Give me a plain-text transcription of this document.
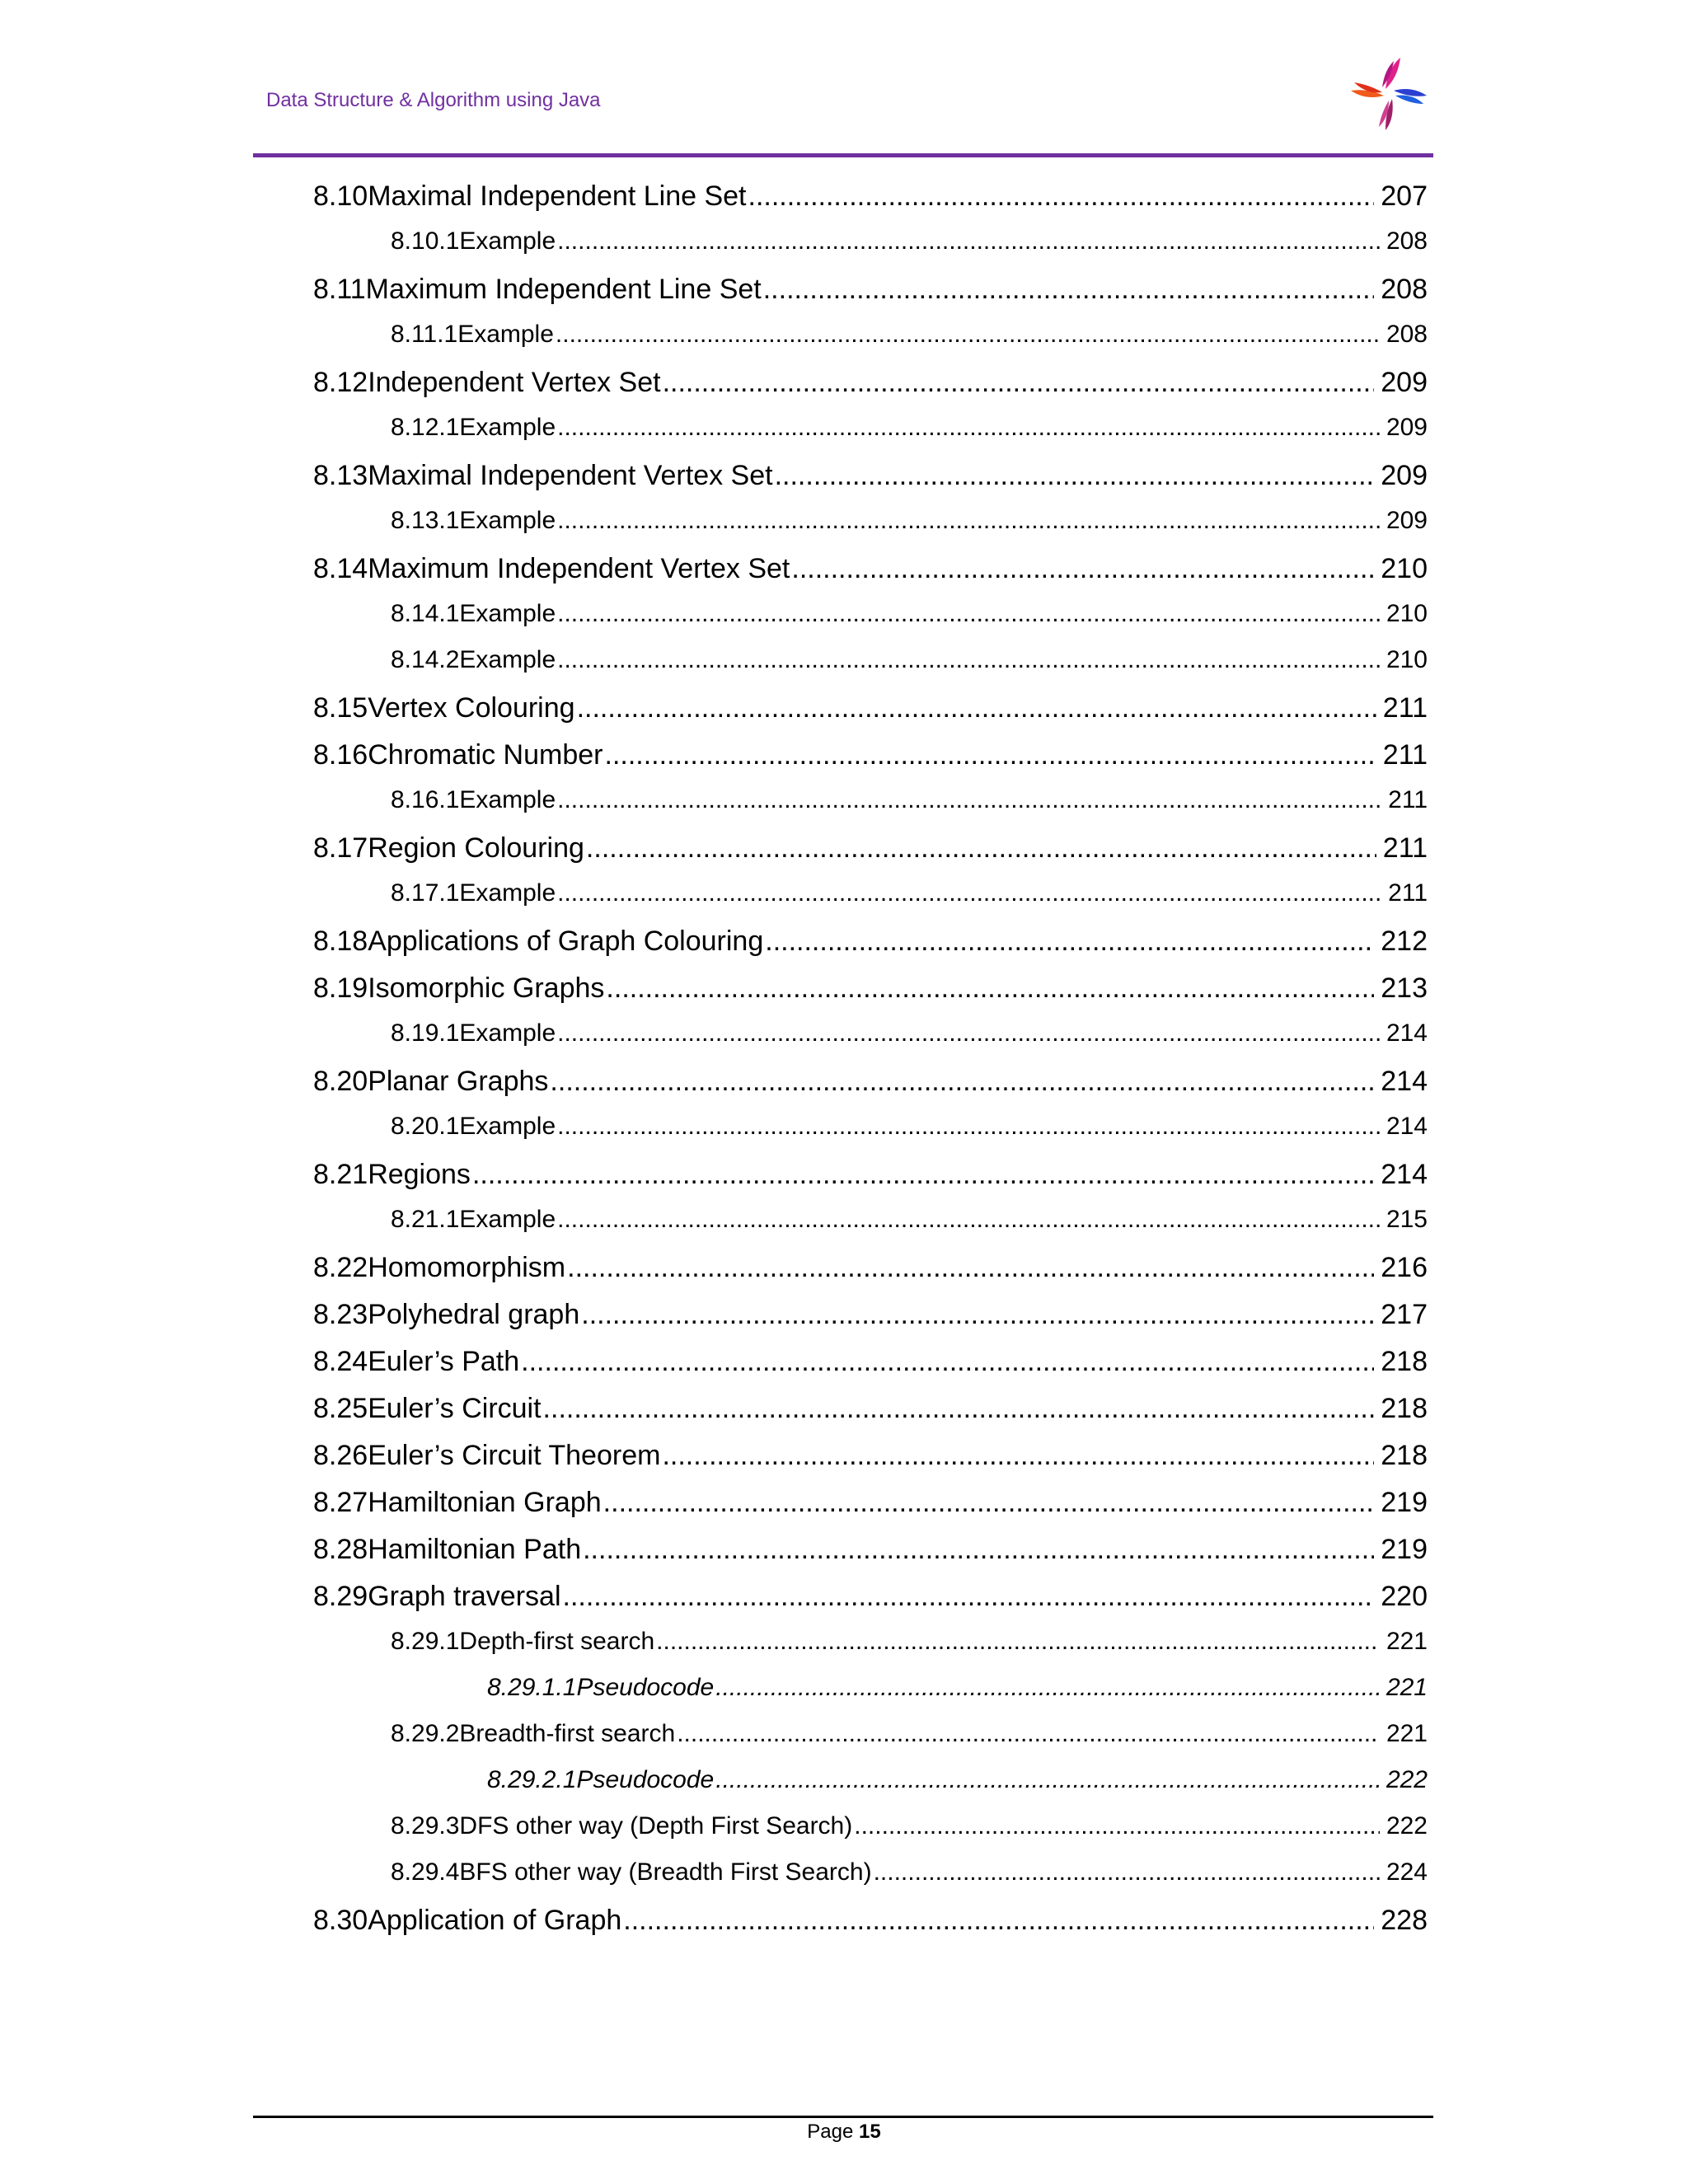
Data Structure & Algorithm using Java
8.10 Maximal Independent Line Set .....	207
8.10.1 Example .....	208
8.11 Maximum Independent Line Set .....	208
8.11.1 Example .....	208
8.12 Independent Vertex Set .....	209
8.12.1 Example .....	209
8.13 Maximal Independent Vertex Set .....	209
8.13.1 Example .....	209
8.14 Maximum Independent Vertex Set .....	210
8.14.1 Example .....	210
8.14.2 Example .....	210
8.15 Vertex Colouring .....	211
8.16 Chromatic Number .....	211
8.16.1 Example .....	211
8.17 Region Colouring .....	211
8.17.1 Example .....	211
8.18 Applications of Graph Colouring .....	212
8.19 Isomorphic Graphs .....	213
8.19.1 Example .....	214
8.20 Planar Graphs .....	214
8.20.1 Example .....	214
8.21 Regions .....	214
8.21.1 Example .....	215
8.22 Homomorphism .....	216
8.23 Polyhedral graph .....	217
8.24 Euler’s Path .....	218
8.25 Euler’s Circuit .....	218
8.26 Euler’s Circuit Theorem .....	218
8.27 Hamiltonian Graph .....	219
8.28 Hamiltonian Path .....	219
8.29 Graph traversal .....	220
8.29.1 Depth-first search .....	221
8.29.1.1 Pseudocode .....	221
8.29.2 Breadth-first search .....	221
8.29.2.1 Pseudocode .....	222
8.29.3 DFS other way (Depth First Search) .....	222
8.29.4 BFS other way (Breadth First Search) .....	224
8.30 Application of Graph .....	228
Page 15
